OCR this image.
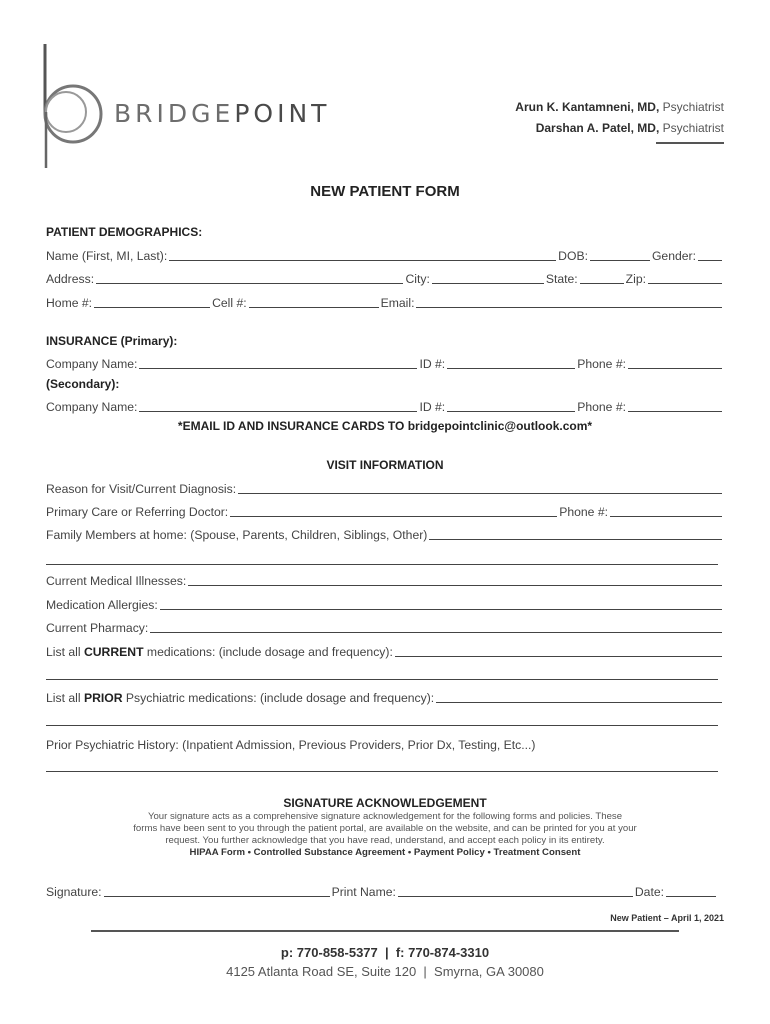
BRIDGEPOINT	Arun K. Kantamneni, MD, Psychiatrist
Darshan A. Patel, MD, Psychiatrist
NEW PATIENT FORM
PATIENT DEMOGRAPHICS:
Name (First, MI, Last):	DOB:	Gender:
Address:	City:	State:	Zip:
Home #:	Cell #:	Email:
INSURANCE (Primary):
Company Name:	ID #:	Phone #:
(Secondary):
Company Name:	ID #:	Phone #:
*EMAIL ID AND INSURANCE CARDS TO bridgepointclinic@outlook.com*
VISIT INFORMATION
Reason for Visit/Current Diagnosis:
Primary Care or Referring Doctor:	Phone #:
Family Members at home: (Spouse, Parents, Children, Siblings, Other)
Current Medical Illnesses:
Medication Allergies:
Current Pharmacy:
List all CURRENT medications: (include dosage and frequency):
List all PRIOR Psychiatric medications: (include dosage and frequency):
Prior Psychiatric History: (Inpatient Admission, Previous Providers, Prior Dx, Testing, Etc...)
SIGNATURE ACKNOWLEDGEMENT
Your signature acts as a comprehensive signature acknowledgement for the following forms and policies. These
forms have been sent to you through the patient portal, are available on the website, and can be printed for you at your
request. You further acknowledge that you have read, understand, and accept each policy in its entirety.
HIPAA Form • Controlled Substance Agreement • Payment Policy • Treatment Consent
Signature:	Print Name:	Date:
New Patient – April 1, 2021
p: 770-858-5377  |  f: 770-874-3310
4125 Atlanta Road SE, Suite 120  |  Smyrna, GA 30080
